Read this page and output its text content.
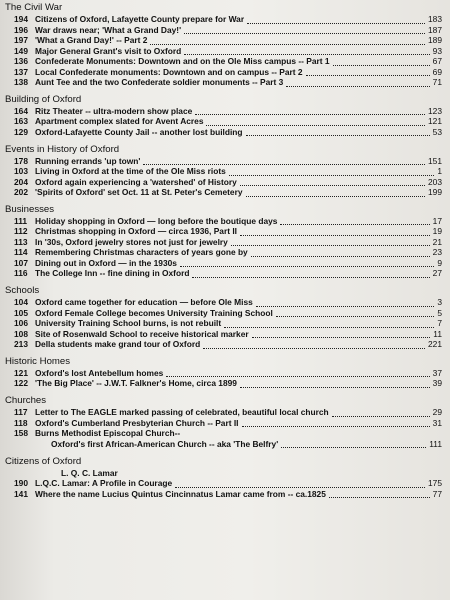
The Civil War
194 Citizens of Oxford, Lafayette County prepare for War	183
196 War draws near; 'What a Grand Day!'	187
197 'What a Grand Day!' -- Part 2	189
149 Major General Grant's visit to Oxford	93
136 Confederate Monuments: Downtown and on the Ole Miss campus -- Part 1	67
137 Local Confederate monuments: Downtown and on campus -- Part 2	69
138 Aunt Tee and the two Confederate soldier monuments -- Part 3	71
Building of Oxford
164 Ritz Theater -- ultra-modern show place	123
163 Apartment complex slated for Avent Acres	121
129 Oxford-Lafayette County Jail -- another lost building	53
Events in History of Oxford
178 Running errands 'up town'	151
103 Living in Oxford at the time of the Ole Miss riots	1
204 Oxford again experiencing a 'watershed' of History	203
202 'Spirits of Oxford' set Oct. 11 at St. Peter's Cemetery	199
Businesses
111 Holiday shopping in Oxford — long before the boutique days	17
112 Christmas shopping in Oxford — circa 1936, Part II	19
113 In '30s, Oxford jewelry stores not just for jewelry	21
114 Remembering Christmas characters of years gone by	23
107 Dining out in Oxford — in the 1930s	9
116 The College Inn -- fine dining in Oxford	27
Schools
104 Oxford came together for education — before Ole Miss	3
105 Oxford Female College becomes University Training School	5
106 University Training School burns, is not rebuilt	7
108 Site of Rosenwald School to receive historical marker	11
213 Della students make grand tour of Oxford	221
Historic Homes
121 Oxford's lost Antebellum homes	37
122 'The Big Place' -- J.W.T. Falkner's Home, circa 1899	39
Churches
117 Letter to The EAGLE marked passing of celebrated, beautiful local church	29
118 Oxford's Cumberland Presbyterian Church -- Part II	31
158 Burns Methodist Episcopal Church--
Oxford's first African-American Church -- aka 'The Belfry'	111
Citizens of Oxford
L. Q. C. Lamar
190 L.Q.C. Lamar: A Profile in Courage	175
141 Where the name Lucius Quintus Cincinnatus Lamar came from -- ca.1825	77
